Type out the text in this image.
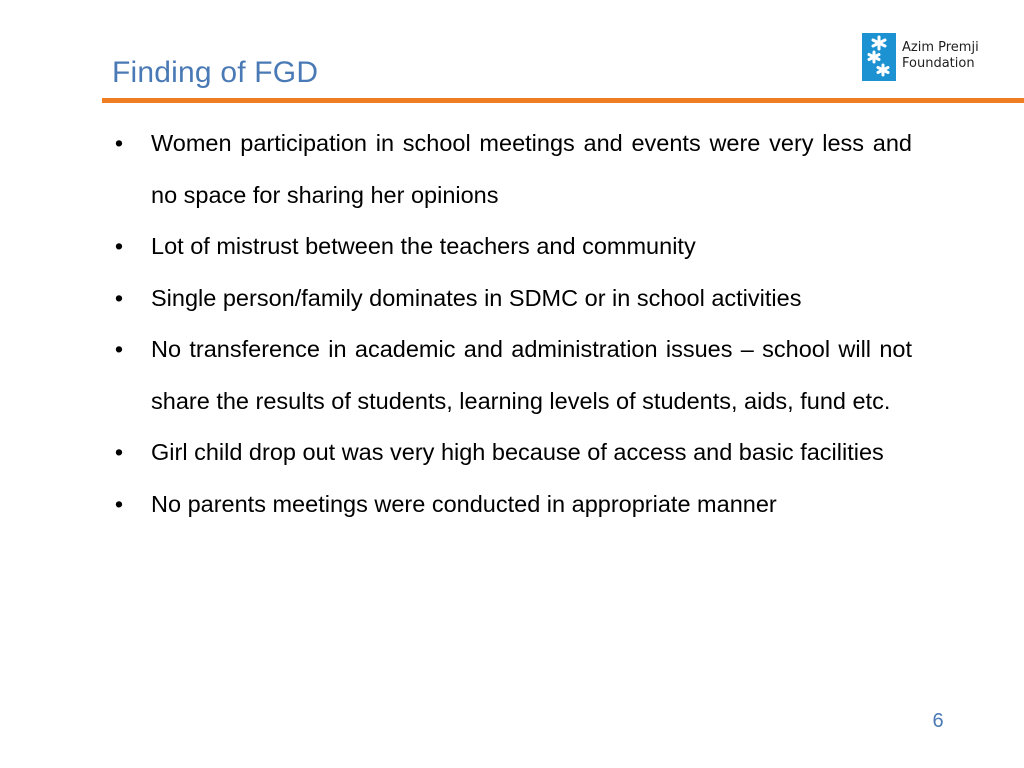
Finding of FGD
Azim Premji
Foundation
• Women participation in school meetings and events were very less and no space for sharing her opinions
• Lot of mistrust between the teachers and community
• Single person/family dominates in SDMC or in school activities
• No transference in academic and administration issues – school will not share the results of students, learning levels of students, aids, fund etc.
• Girl child drop out was very high because of access and basic facilities
• No parents meetings were conducted in appropriate manner
6
